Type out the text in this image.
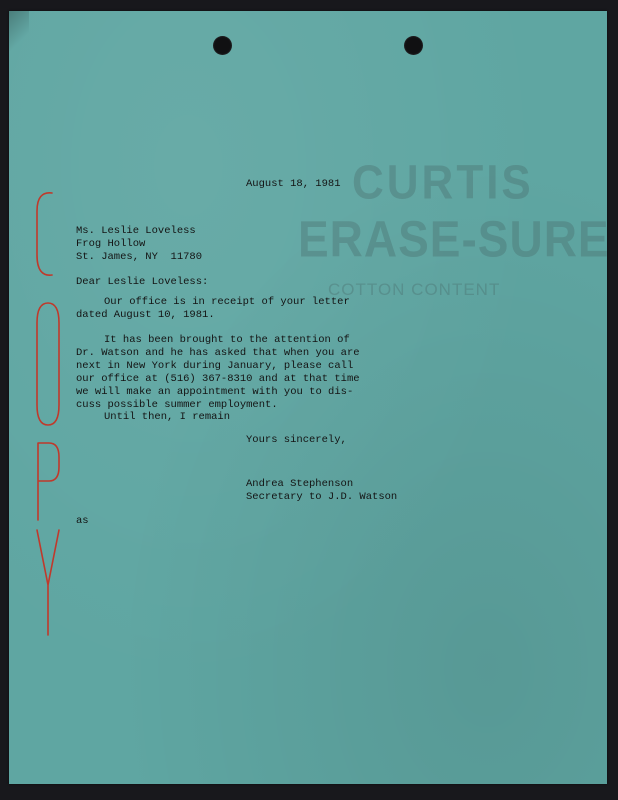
CURTIS
ERASE-SURE
COTTON CONTENT
August 18, 1981
Ms. Leslie Loveless
Frog Hollow
St. James, NY  11780
Dear Leslie Loveless:
Our office is in receipt of your letter
dated August 10, 1981.
It has been brought to the attention of
Dr. Watson and he has asked that when you are
next in New York during January, please call
our office at (516) 367-8310 and at that time
we will make an appointment with you to dis-
cuss possible summer employment.
Until then, I remain
Yours sincerely,
Andrea Stephenson
Secretary to J.D. Watson
as
